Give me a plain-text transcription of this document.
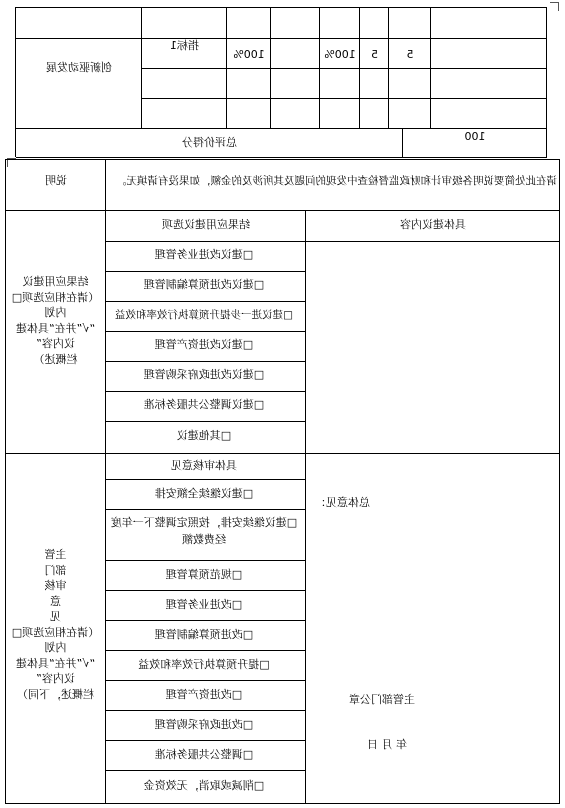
创新驱动发展
指标1
100%	100%	5	5
总评价得分	100
说明	请在此处简要说明各级审计和财政监督检查中发现的问题及其所涉及的金额，如果没有请填无。
结果应用建议
（请在相应选项□
内划
“√”并在“具体建
议内容”
栏概述）
结果应用建议选项	具体建议内容
□建议改进业务管理
□建议改进预算编制管理
□建议进一步提升预算执行效率和效益
□建议改进资产管理
□建议改进政府采购管理
□建议调整公共服务标准
□其他建议
主管
部门
审核
意
见
（请在相应选项□
内划
“√”并在“具体建
议内容”
栏概述，下同）
具体审核意见
□建议继续全额安排
□建议继续安排，按照定调整下一年度经费数额
□规范预算管理
□改进业务管理
□改进预算编制管理
□提升预算执行效率和效益
□改进资产管理
□改进政府采购管理
□调整公共服务标准
□削减或取消，无效资金
总体意见：
主管部门公章
年 月 日
